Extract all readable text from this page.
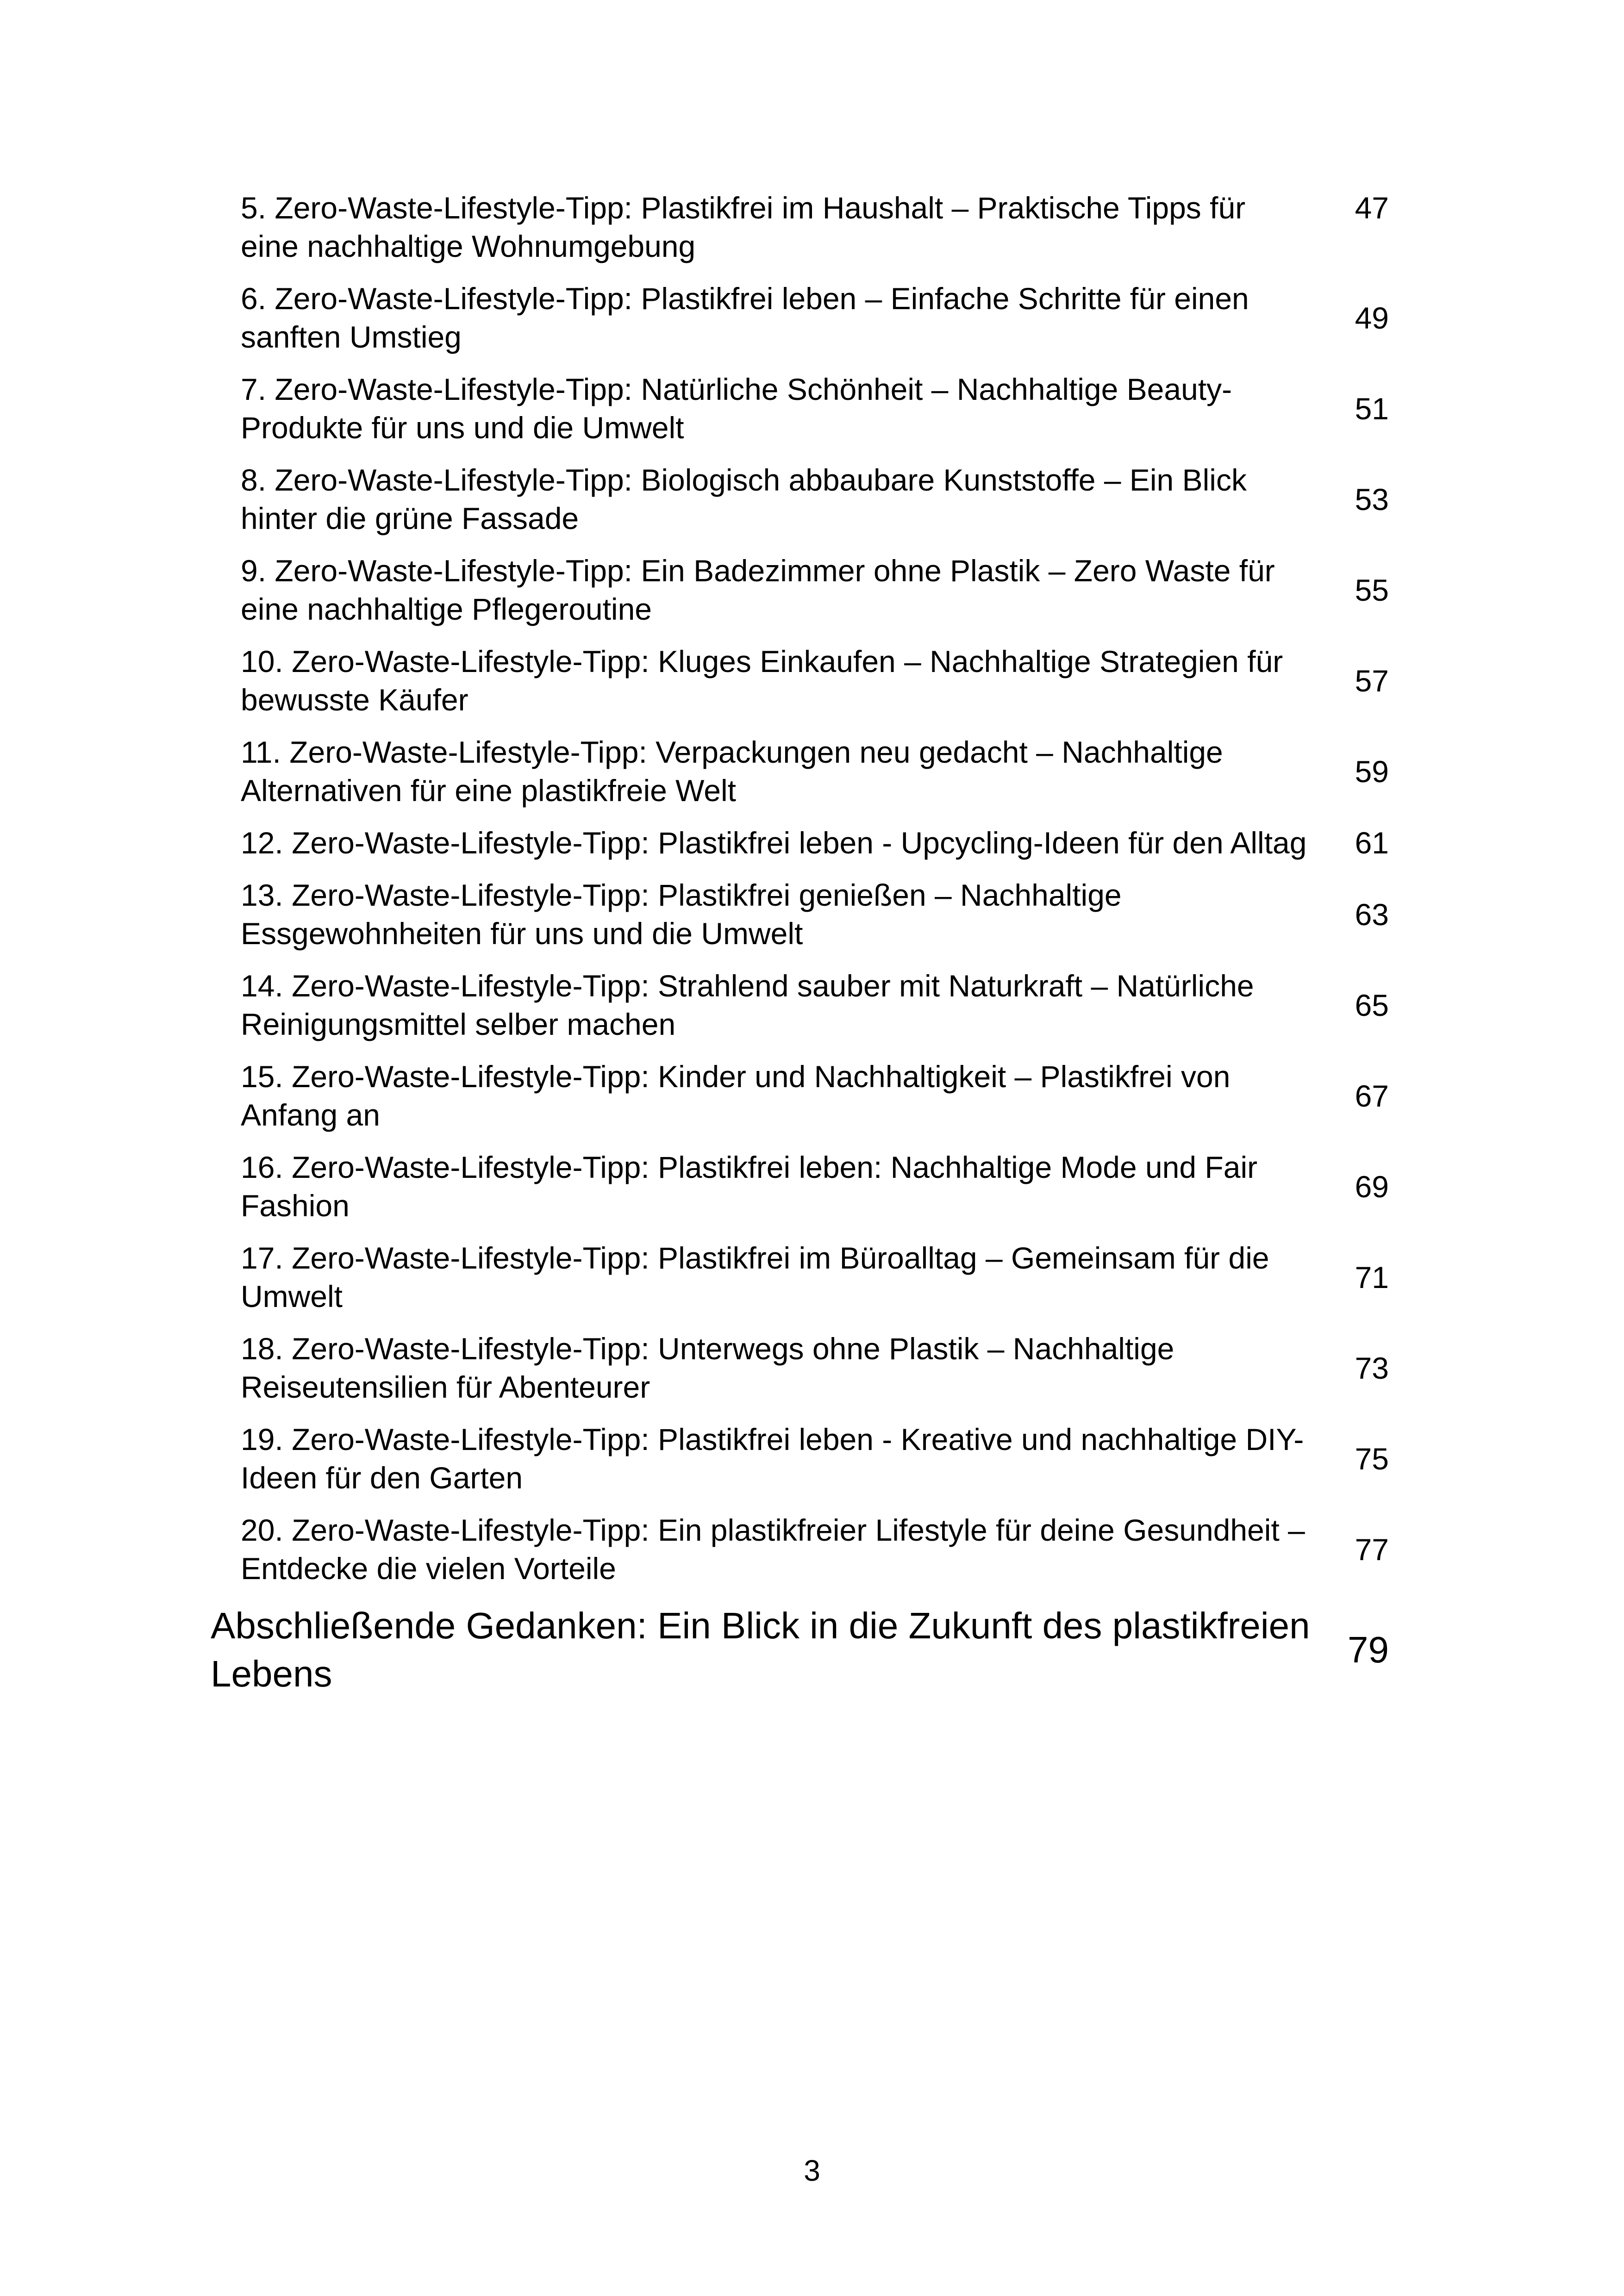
5. Zero-Waste-Lifestyle-Tipp: Plastikfrei im Haushalt – Praktische Tipps für eine nachhaltige Wohnumgebung
47
6. Zero-Waste-Lifestyle-Tipp: Plastikfrei leben – Einfache Schritte für einen sanften Umstieg
49
7. Zero-Waste-Lifestyle-Tipp: Natürliche Schönheit – Nachhaltige Beauty-Produkte für uns und die Umwelt
51
8. Zero-Waste-Lifestyle-Tipp: Biologisch abbaubare Kunststoffe – Ein Blick hinter die grüne Fassade
53
9. Zero-Waste-Lifestyle-Tipp: Ein Badezimmer ohne Plastik – Zero Waste für eine nachhaltige Pflegeroutine
55
10. Zero-Waste-Lifestyle-Tipp: Kluges Einkaufen – Nachhaltige Strategien für bewusste Käufer
57
11. Zero-Waste-Lifestyle-Tipp: Verpackungen neu gedacht – Nachhaltige Alternativen für eine plastikfreie Welt
59
12. Zero-Waste-Lifestyle-Tipp: Plastikfrei leben - Upcycling-Ideen für den Alltag	61
13. Zero-Waste-Lifestyle-Tipp: Plastikfrei genießen – Nachhaltige Essgewohnheiten für uns und die Umwelt
63
14. Zero-Waste-Lifestyle-Tipp: Strahlend sauber mit Naturkraft – Natürliche Reinigungsmittel selber machen
65
15. Zero-Waste-Lifestyle-Tipp: Kinder und Nachhaltigkeit – Plastikfrei von Anfang an
67
16. Zero-Waste-Lifestyle-Tipp: Plastikfrei leben: Nachhaltige Mode und Fair Fashion
69
17. Zero-Waste-Lifestyle-Tipp: Plastikfrei im Büroalltag – Gemeinsam für die Umwelt
71
18. Zero-Waste-Lifestyle-Tipp: Unterwegs ohne Plastik – Nachhaltige Reiseutensilien für Abenteurer
73
19. Zero-Waste-Lifestyle-Tipp: Plastikfrei leben - Kreative und nachhaltige DIY-Ideen für den Garten
75
20. Zero-Waste-Lifestyle-Tipp: Ein plastikfreier Lifestyle für deine Gesundheit – Entdecke die vielen Vorteile
77
Abschließende Gedanken: Ein Blick in die Zukunft des plastikfreien Lebens
79
3
